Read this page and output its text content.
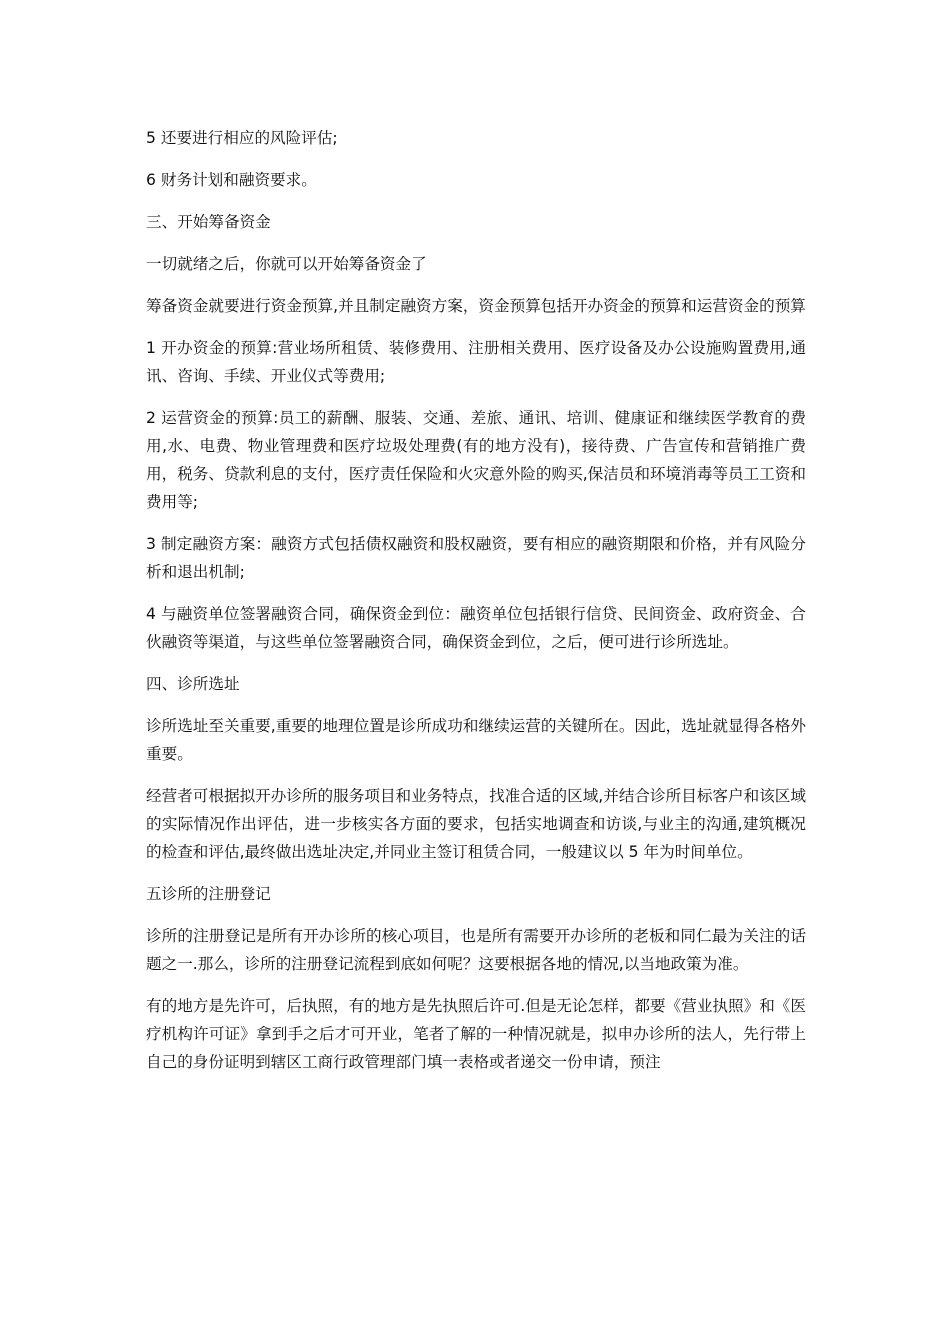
5 还要进行相应的风险评估;

6 财务计划和融资要求。

三、开始筹备资金

一切就绪之后，你就可以开始筹备资金了

筹备资金就要进行资金预算,并且制定融资方案，资金预算包括开办资金的预算和运营资金的预算

1 开办资金的预算:营业场所租赁、装修费用、注册相关费用、医疗设备及办公设施购置费用,通讯、咨询、手续、开业仪式等费用;

2 运营资金的预算:员工的薪酬、服装、交通、差旅、通讯、培训、健康证和继续医学教育的费用,水、电费、物业管理费和医疗垃圾处理费(有的地方没有)，接待费、广告宣传和营销推广费用，税务、贷款利息的支付，医疗责任保险和火灾意外险的购买,保洁员和环境消毒等员工工资和费用等;

3 制定融资方案：融资方式包括债权融资和股权融资，要有相应的融资期限和价格，并有风险分析和退出机制;

4 与融资单位签署融资合同，确保资金到位：融资单位包括银行信贷、民间资金、政府资金、合伙融资等渠道，与这些单位签署融资合同，确保资金到位，之后，便可进行诊所选址。

四、诊所选址

诊所选址至关重要,重要的地理位置是诊所成功和继续运营的关键所在。因此，选址就显得各格外重要。

经营者可根据拟开办诊所的服务项目和业务特点，找准合适的区域,并结合诊所目标客户和该区域的实际情况作出评估，进一步核实各方面的要求，包括实地调查和访谈,与业主的沟通,建筑概况的检查和评估,最终做出选址决定,并同业主签订租赁合同，一般建议以 5 年为时间单位。

五诊所的注册登记

诊所的注册登记是所有开办诊所的核心项目，也是所有需要开办诊所的老板和同仁最为关注的话题之一.那么，诊所的注册登记流程到底如何呢？这要根据各地的情况,以当地政策为准。

有的地方是先许可，后执照，有的地方是先执照后许可.但是无论怎样，都要《营业执照》和《医疗机构许可证》拿到手之后才可开业，笔者了解的一种情况就是，拟申办诊所的法人，先行带上自己的身份证明到辖区工商行政管理部门填一表格或者递交一份申请，预注
